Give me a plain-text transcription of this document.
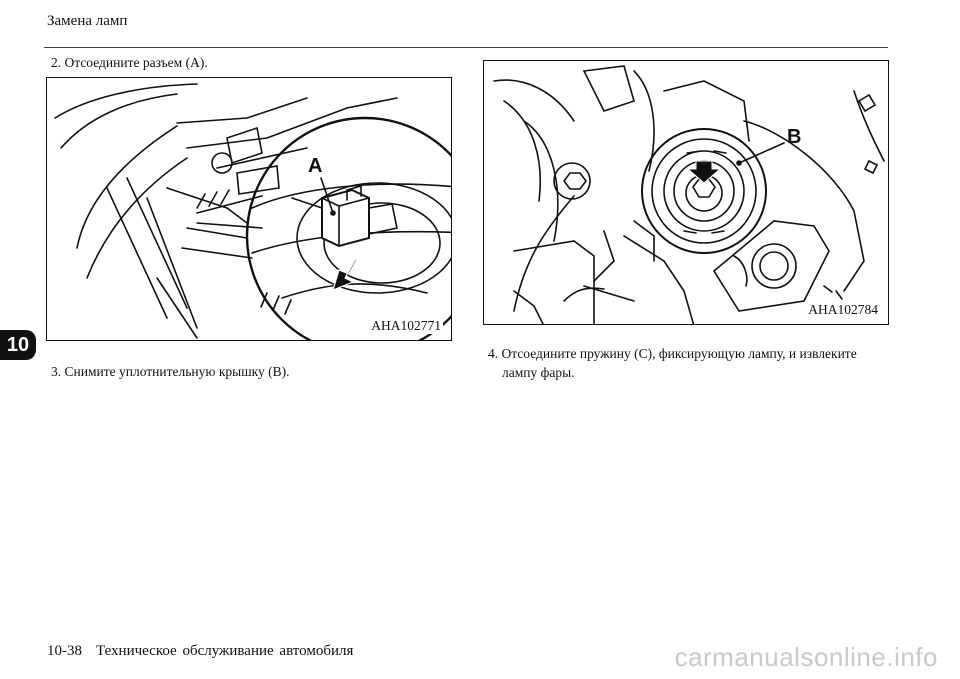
Замена ламп
10
2. Отсоедините разъем (A).
A
AHA102771
3. Снимите уплотнительную крышку (B).
B
AHA102784
4. Отсоедините пружину (C), фиксирующую лампу, и извлеките
лампу фары.
10-38 Техническое обслуживание автомобиля	carmanualsonline.info
